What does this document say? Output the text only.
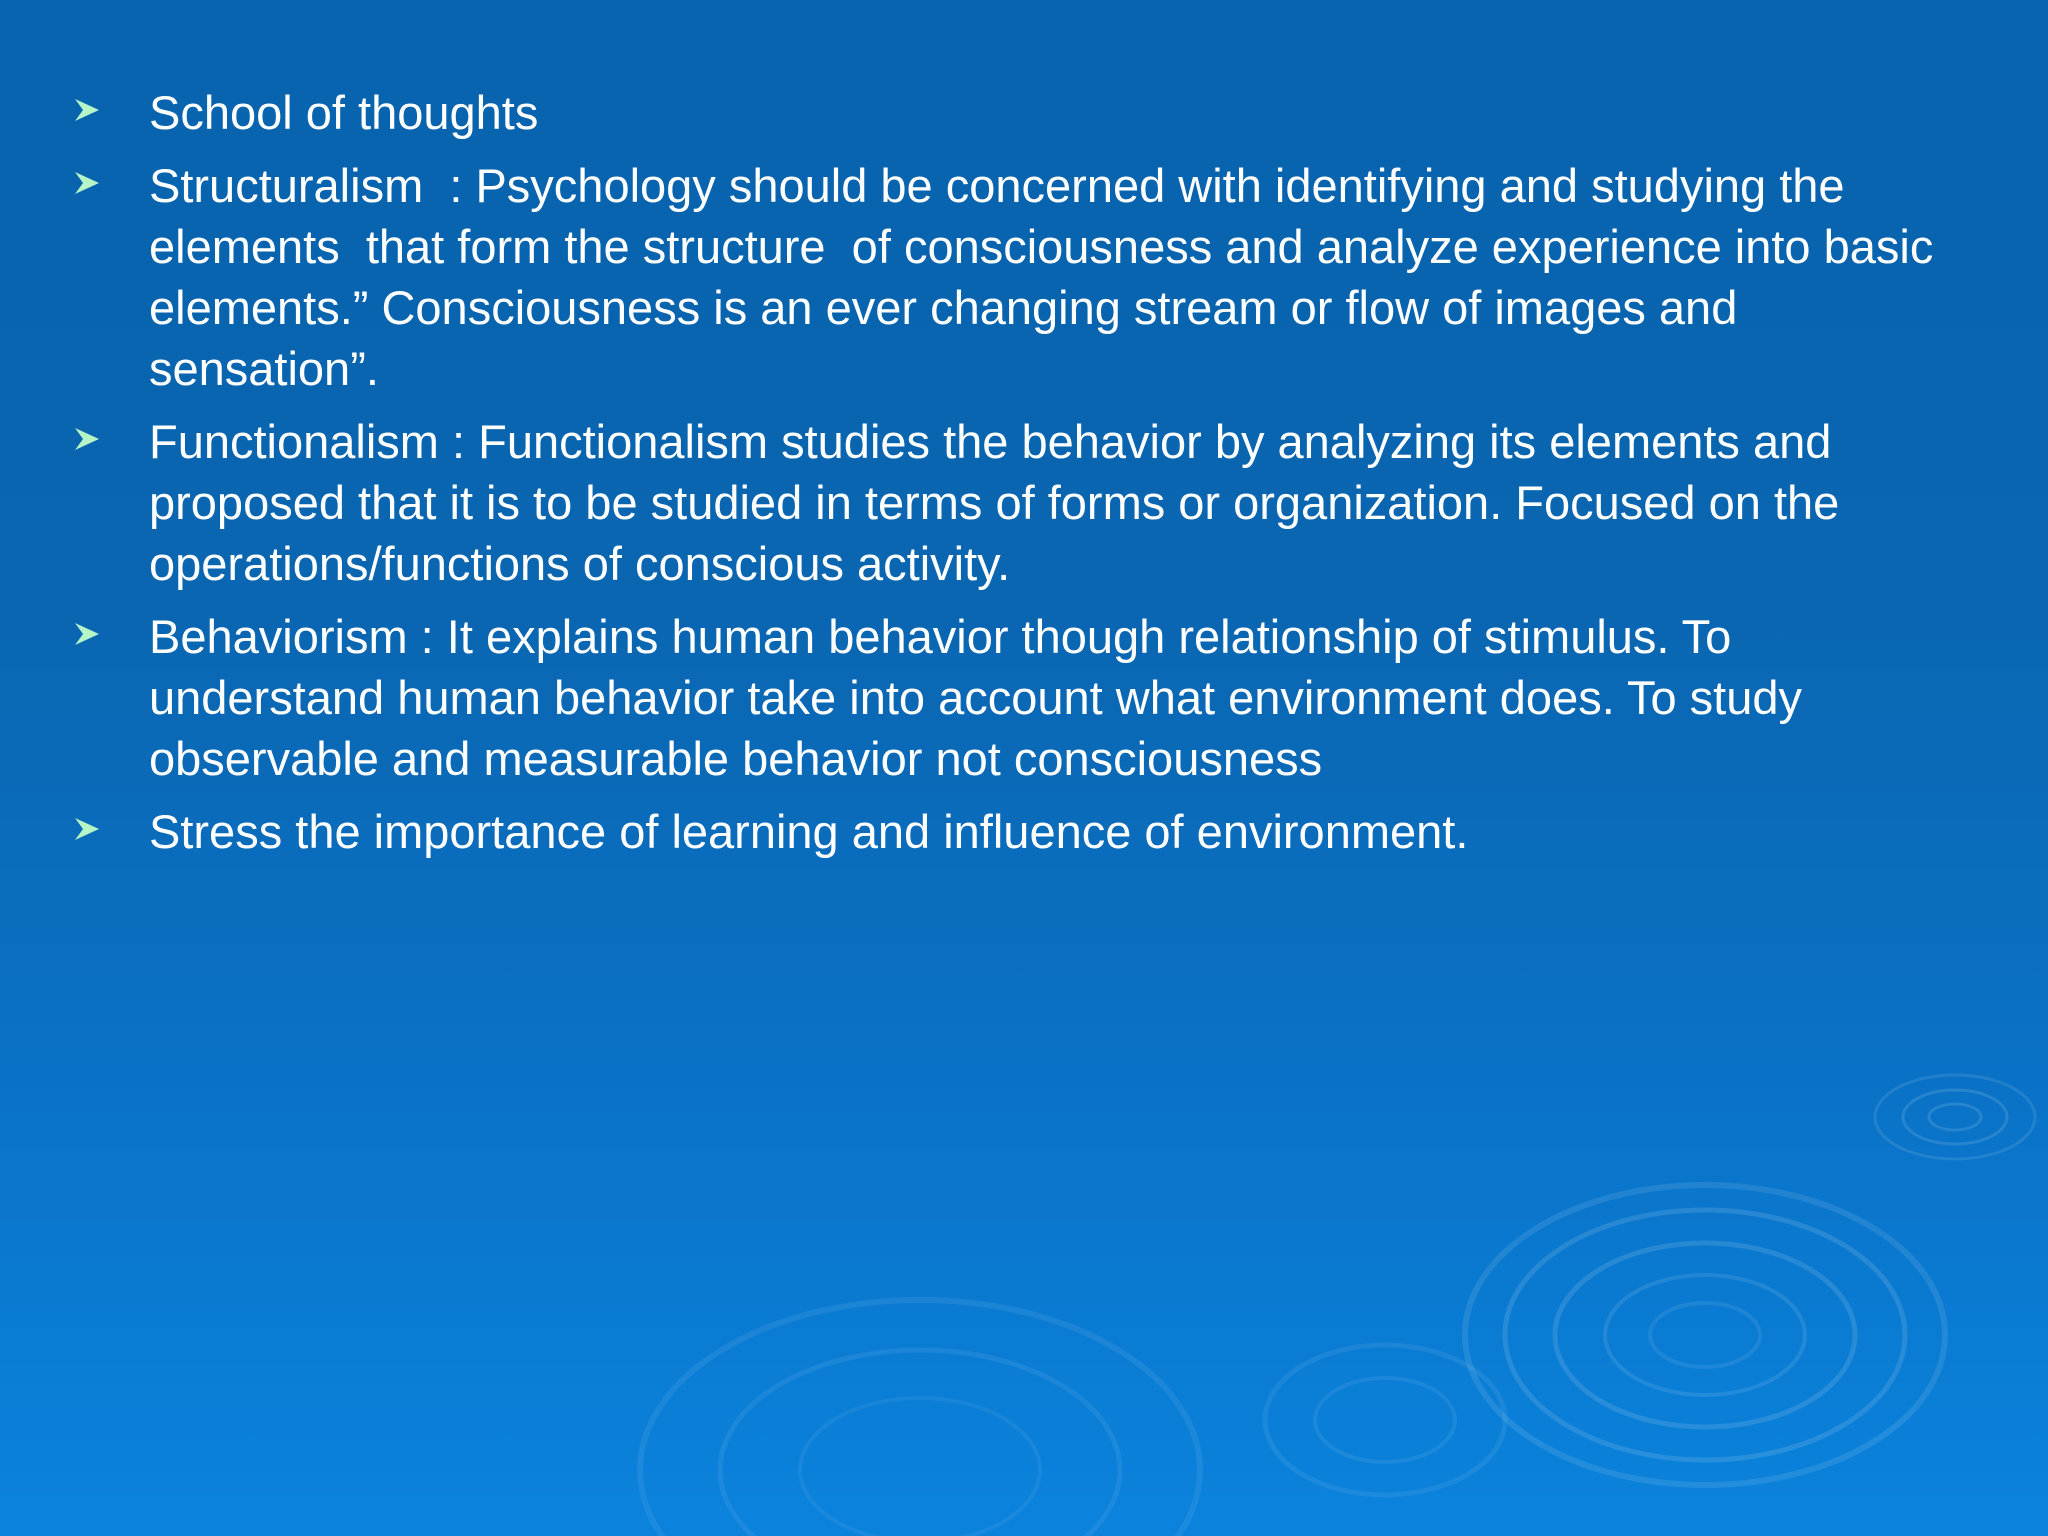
School of thoughts
Structuralism  : Psychology should be concerned with identifying and studying the elements  that form the structure  of consciousness and analyze experience into basic elements.” Consciousness is an ever changing stream or flow of images and sensation”.
Functionalism : Functionalism studies the behavior by analyzing its elements and proposed that it is to be studied in terms of forms or organization. Focused on the operations/functions of conscious activity.
Behaviorism : It explains human behavior though relationship of stimulus. To understand human behavior take into account what environment does. To study observable and measurable behavior not consciousness
Stress the importance of learning and influence of environment.
